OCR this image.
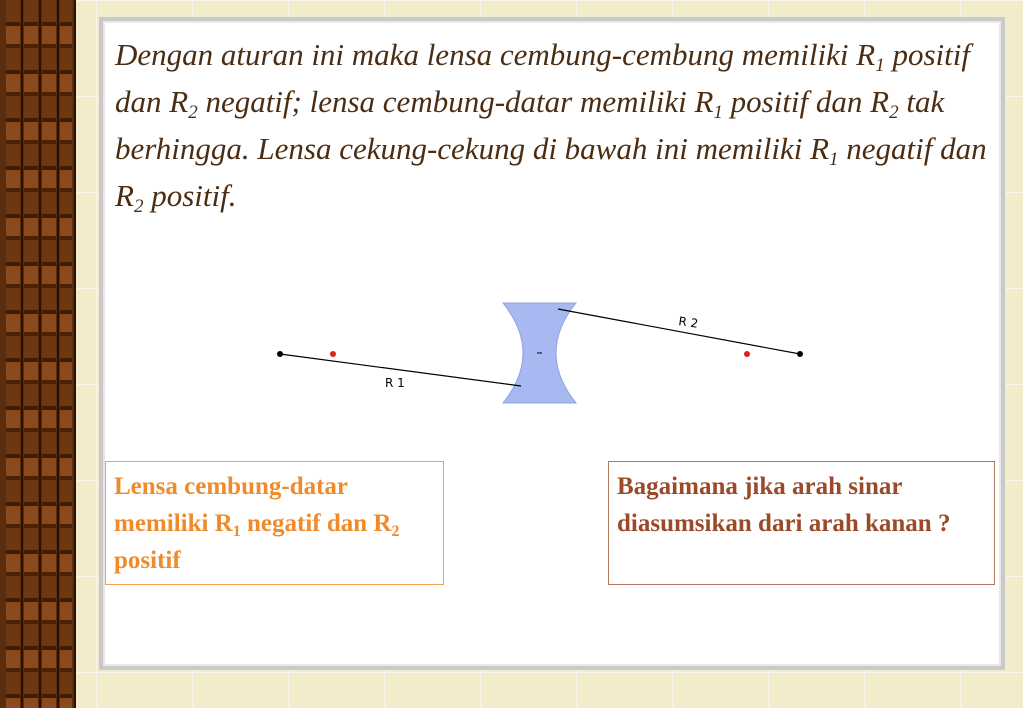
Dengan aturan ini maka lensa cembung-cembung memiliki $R_1$ positif dan $R_2$ negatif; lensa cembung-datar memiliki $R_1$ positif dan $R_2$ tak berhingga. Lensa cekung-cekung di bawah ini memiliki $R_1$ negatif dan $R_2$ positif.

R 1
R 2
Lensa cembung-datar memiliki $R_1$ negatif dan $R_2$ positif
Bagaimana jika arah sinar diasumsikan dari arah kanan ?
